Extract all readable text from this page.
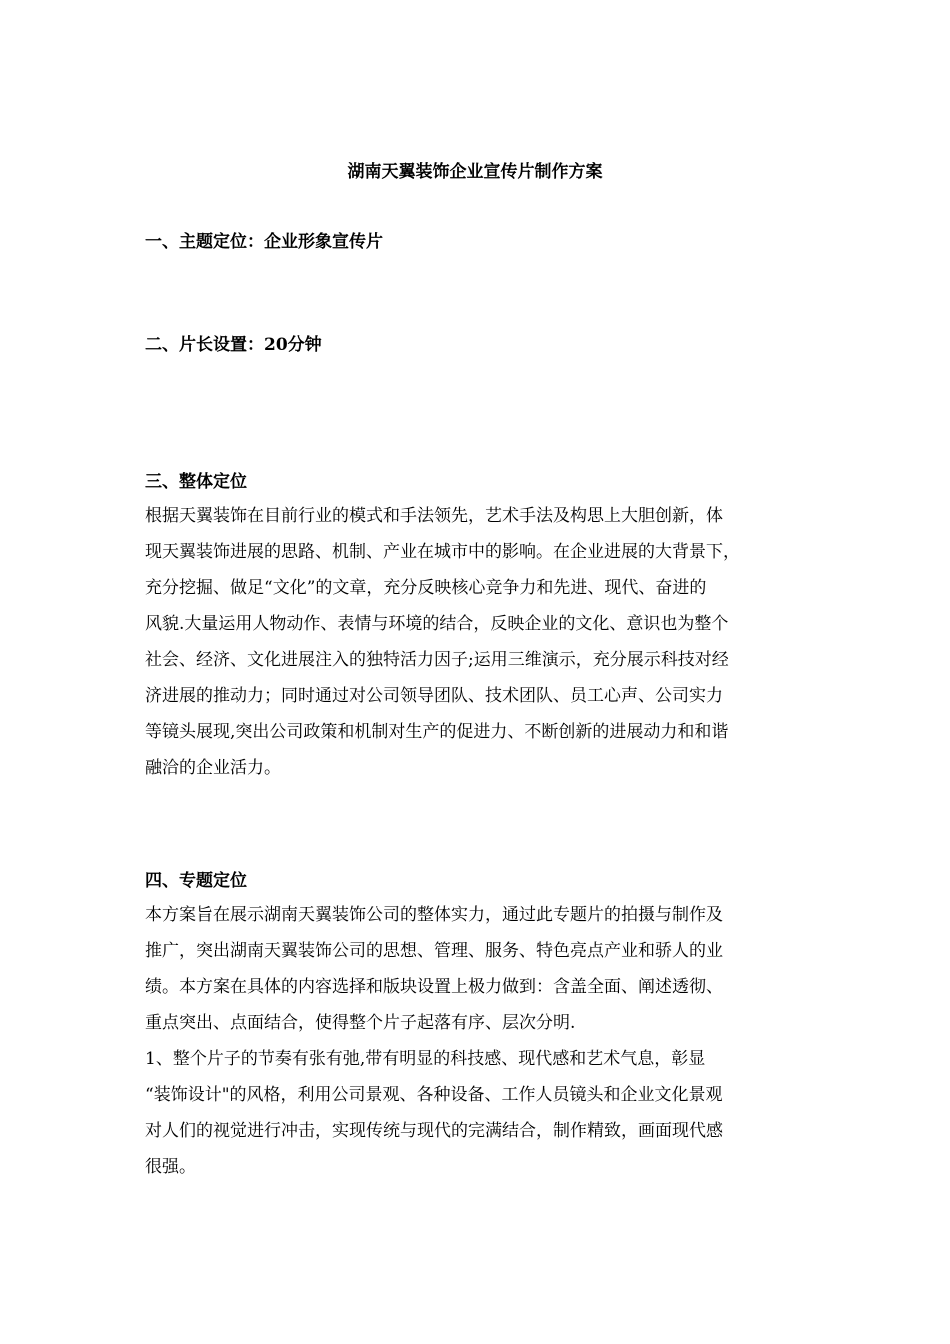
湖南天翼装饰企业宣传片制作方案
一、主题定位：企业形象宣传片
二、片长设置：20分钟
三、整体定位
根据天翼装饰在目前行业的模式和手法领先，艺术手法及构思上大胆创新，体
现天翼装饰进展的思路、机制、产业在城市中的影响。在企业进展的大背景下，
充分挖掘、做足“文化”的文章，充分反映核心竞争力和先进、现代、奋进的
风貌.大量运用人物动作、表情与环境的结合，反映企业的文化、意识也为整个
社会、经济、文化进展注入的独特活力因子;运用三维演示，充分展示科技对经
济进展的推动力；同时通过对公司领导团队、技术团队、员工心声、公司实力
等镜头展现,突出公司政策和机制对生产的促进力、不断创新的进展动力和和谐
融洽的企业活力。
四、专题定位
本方案旨在展示湖南天翼装饰公司的整体实力，通过此专题片的拍摄与制作及
推广，突出湖南天翼装饰公司的思想、管理、服务、特色亮点产业和骄人的业
绩。本方案在具体的内容选择和版块设置上极力做到：含盖全面、阐述透彻、
重点突出、点面结合，使得整个片子起落有序、层次分明.
1、整个片子的节奏有张有弛,带有明显的科技感、现代感和艺术气息，彰显
“装饰设计"的风格，利用公司景观、各种设备、工作人员镜头和企业文化景观
对人们的视觉进行冲击，实现传统与现代的完满结合，制作精致，画面现代感
很强。
